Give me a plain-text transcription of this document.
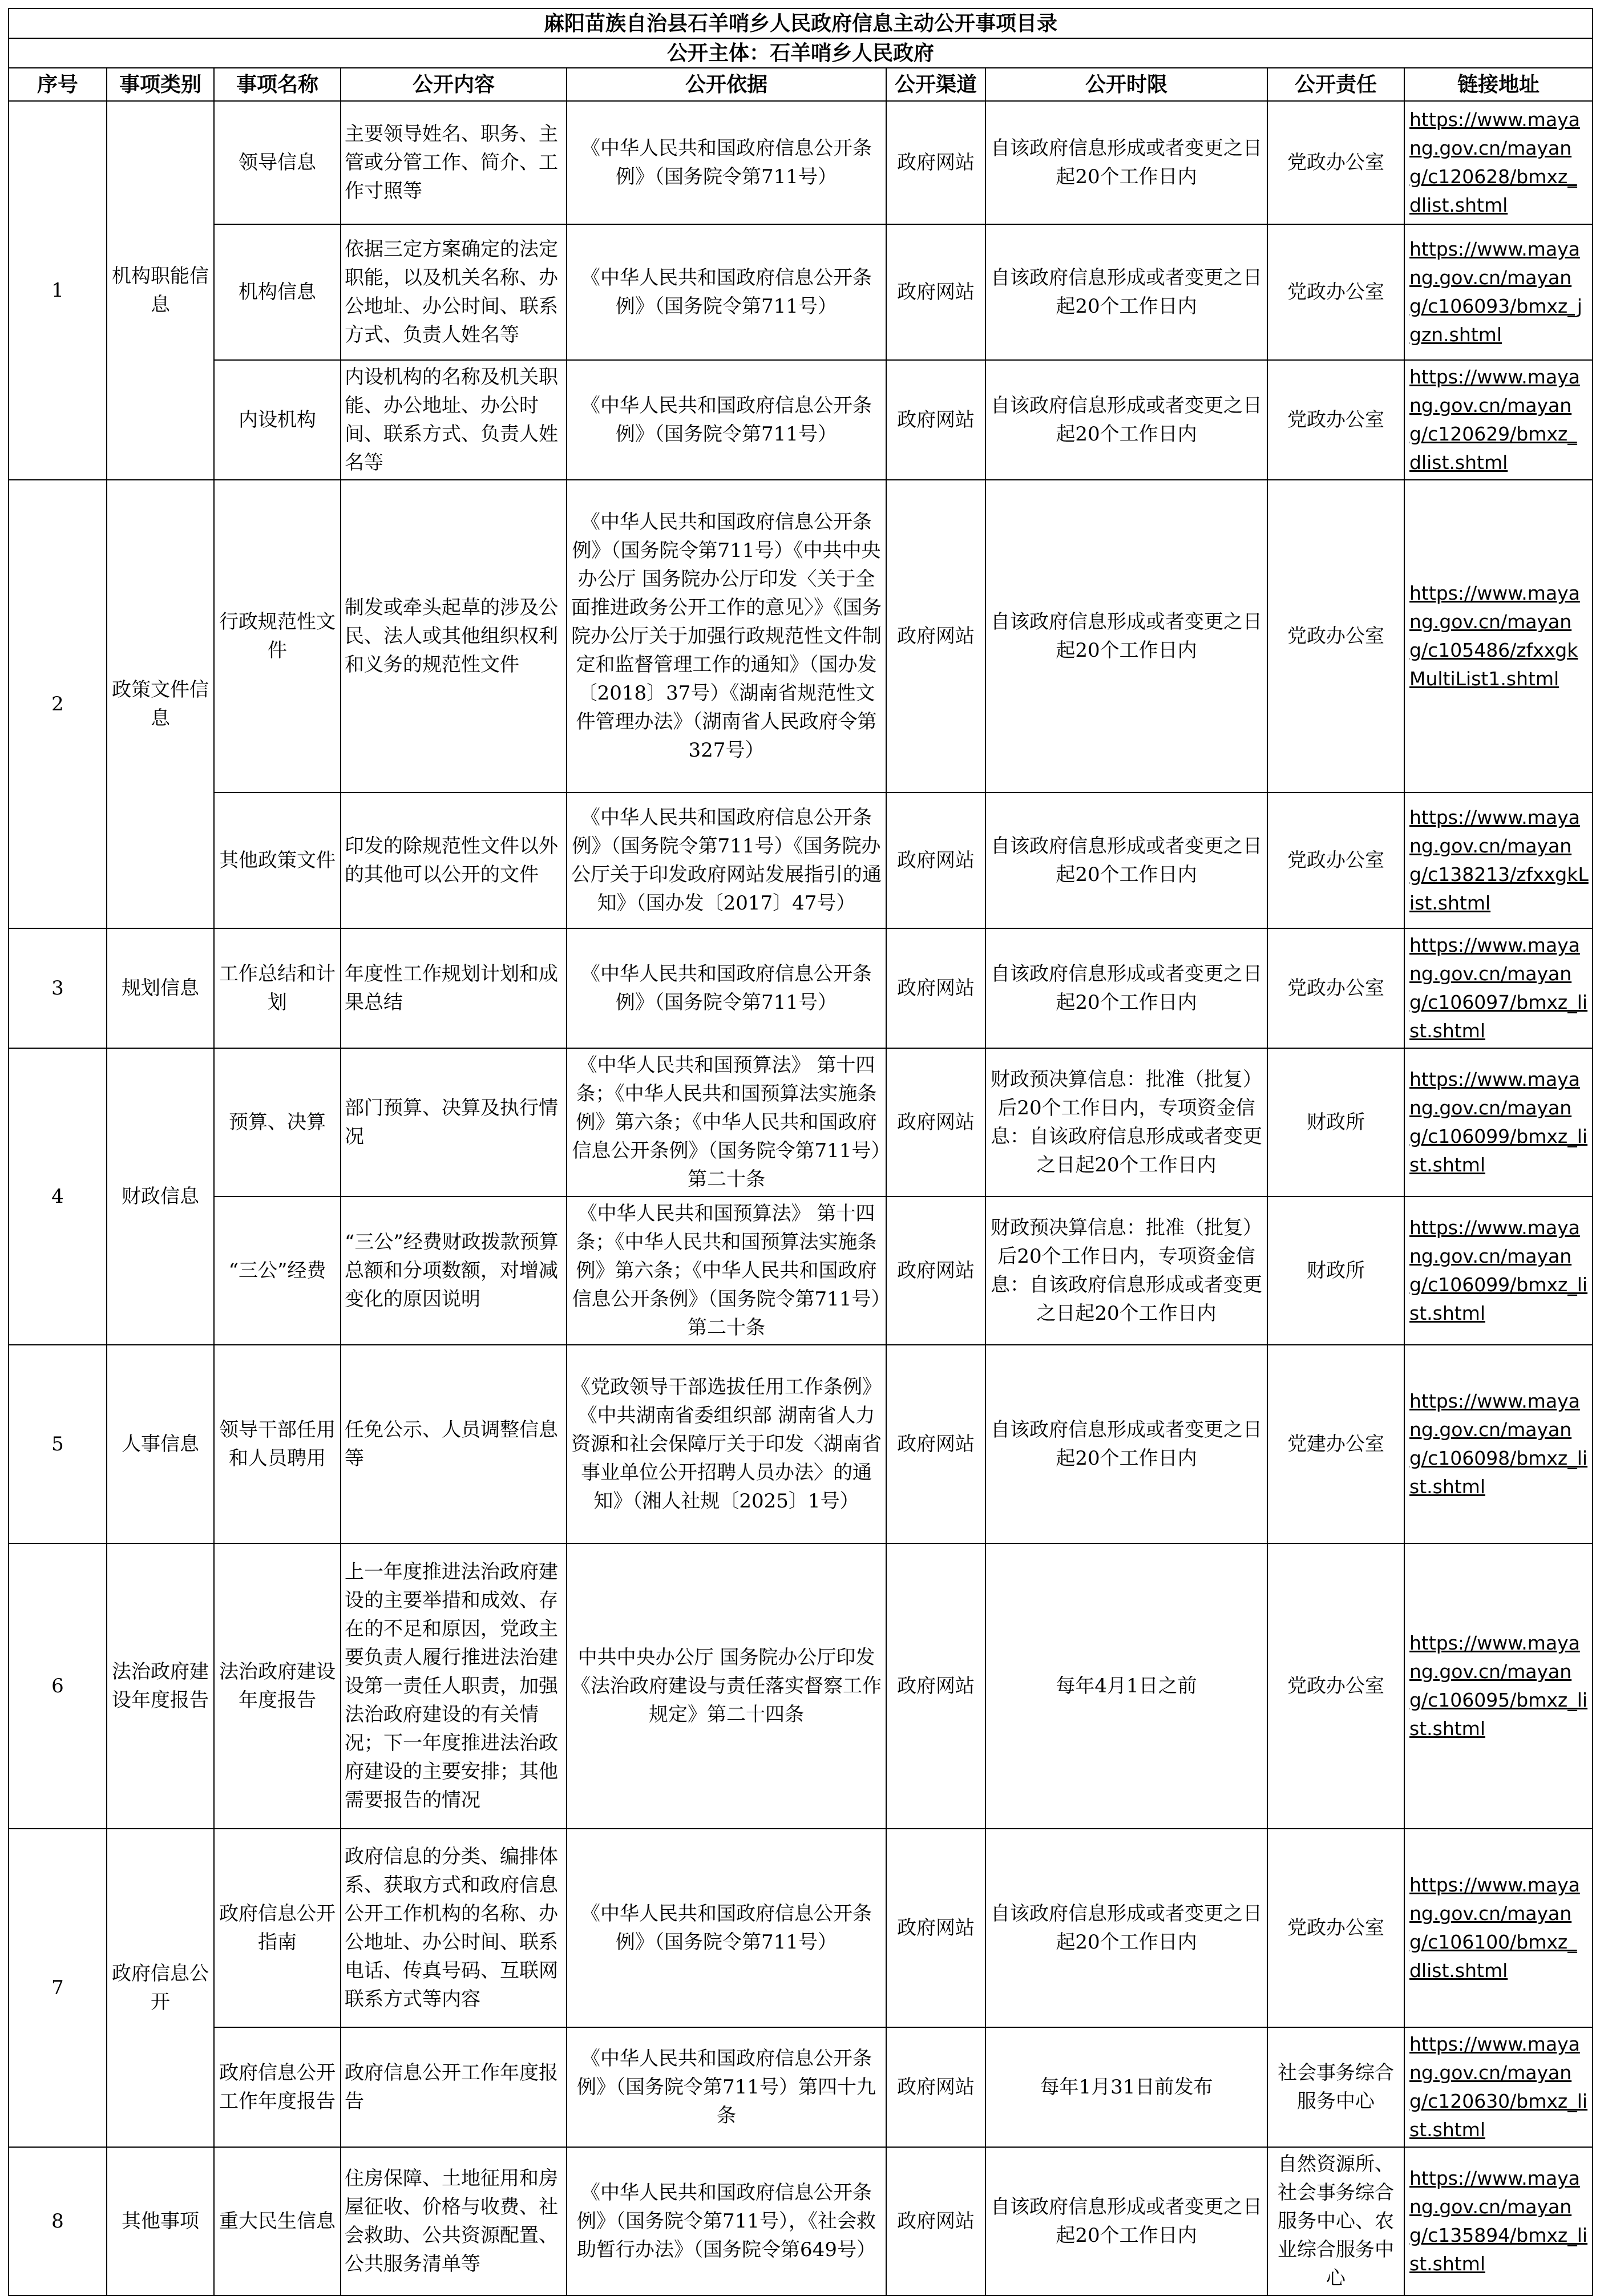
麻阳苗族自治县石羊哨乡人民政府信息主动公开事项目录								
公开主体：石羊哨乡人民政府								
序号	事项类别	事项名称	公开内容	公开依据	公开渠道	公开时限	公开责任	链接地址
1	机构职能信息	领导信息	主要领导姓名、职务、主管或分管工作、简介、工作寸照等	《中华人民共和国政府信息公开条例》（国务院令第711号）	政府网站	自该政府信息形成或者变更之日起20个工作日内	党政办公室	https://www.mayang.gov.cn/mayang/c120628/bmxz_dlist.shtml
		机构信息	依据三定方案确定的法定职能，以及机关名称、办公地址、办公时间、联系方式、负责人姓名等	《中华人民共和国政府信息公开条例》（国务院令第711号）	政府网站	自该政府信息形成或者变更之日起20个工作日内	党政办公室	https://www.mayang.gov.cn/mayang/c106093/bmxz_jgzn.shtml
		内设机构	内设机构的名称及机关职能、办公地址、办公时间、联系方式、负责人姓名等	《中华人民共和国政府信息公开条例》（国务院令第711号）	政府网站	自该政府信息形成或者变更之日起20个工作日内	党政办公室	https://www.mayang.gov.cn/mayang/c120629/bmxz_dlist.shtml
2	政策文件信息	行政规范性文件	制发或牵头起草的涉及公民、法人或其他组织权利和义务的规范性文件	《中华人民共和国政府信息公开条例》（国务院令第711号）《中共中央办公厅 国务院办公厅印发〈关于全面推进政务公开工作的意见〉》《国务院办公厅关于加强行政规范性文件制定和监督管理工作的通知》（国办发〔2018〕37号）《湖南省规范性文件管理办法》（湖南省人民政府令第327号）	政府网站	自该政府信息形成或者变更之日起20个工作日内	党政办公室	https://www.mayang.gov.cn/mayang/c105486/zfxxgkMultiList1.shtml
		其他政策文件	印发的除规范性文件以外的其他可以公开的文件	《中华人民共和国政府信息公开条例》（国务院令第711号）《国务院办公厅关于印发政府网站发展指引的通知》（国办发〔2017〕47号）	政府网站	自该政府信息形成或者变更之日起20个工作日内	党政办公室	https://www.mayang.gov.cn/mayang/c138213/zfxxgkList.shtml
3	规划信息	工作总结和计划	年度性工作规划计划和成果总结	《中华人民共和国政府信息公开条例》（国务院令第711号）	政府网站	自该政府信息形成或者变更之日起20个工作日内	党政办公室	https://www.mayang.gov.cn/mayang/c106097/bmxz_list.shtml
4	财政信息	预算、决算	部门预算、决算及执行情况	《中华人民共和国预算法》 第十四条；《中华人民共和国预算法实施条例》第六条；《中华人民共和国政府信息公开条例》（国务院令第711号）第二十条	政府网站	财政预决算信息：批准（批复）后20个工作日内，专项资金信息：自该政府信息形成或者变更之日起20个工作日内	财政所	https://www.mayang.gov.cn/mayang/c106099/bmxz_list.shtml
		“三公”经费	“三公”经费财政拨款预算总额和分项数额，对增减变化的原因说明	《中华人民共和国预算法》 第十四条；《中华人民共和国预算法实施条例》第六条；《中华人民共和国政府信息公开条例》（国务院令第711号）第二十条	政府网站	财政预决算信息：批准（批复）后20个工作日内，专项资金信息：自该政府信息形成或者变更之日起20个工作日内	财政所	https://www.mayang.gov.cn/mayang/c106099/bmxz_list.shtml
5	人事信息	领导干部任用和人员聘用	任免公示、人员调整信息等	《党政领导干部选拔任用工作条例》《中共湖南省委组织部 湖南省人力资源和社会保障厅关于印发〈湖南省事业单位公开招聘人员办法〉的通知》（湘人社规〔2025〕1号）	政府网站	自该政府信息形成或者变更之日起20个工作日内	党建办公室	https://www.mayang.gov.cn/mayang/c106098/bmxz_list.shtml
6	法治政府建设年度报告	法治政府建设年度报告	上一年度推进法治政府建设的主要举措和成效、存在的不足和原因，党政主要负责人履行推进法治建设第一责任人职责，加强法治政府建设的有关情况；下一年度推进法治政府建设的主要安排；其他需要报告的情况	中共中央办公厅 国务院办公厅印发《法治政府建设与责任落实督察工作规定》第二十四条	政府网站	每年4月1日之前	党政办公室	https://www.mayang.gov.cn/mayang/c106095/bmxz_list.shtml
7	政府信息公开	政府信息公开指南	政府信息的分类、编排体系、获取方式和政府信息公开工作机构的名称、办公地址、办公时间、联系电话、传真号码、互联网联系方式等内容	《中华人民共和国政府信息公开条例》（国务院令第711号）	政府网站	自该政府信息形成或者变更之日起20个工作日内	党政办公室	https://www.mayang.gov.cn/mayang/c106100/bmxz_dlist.shtml
		政府信息公开工作年度报告	政府信息公开工作年度报告	《中华人民共和国政府信息公开条例》（国务院令第711号）第四十九条	政府网站	每年1月31日前发布	社会事务综合服务中心	https://www.mayang.gov.cn/mayang/c120630/bmxz_list.shtml
8	其他事项	重大民生信息	住房保障、土地征用和房屋征收、价格与收费、社会救助、公共资源配置、公共服务清单等	《中华人民共和国政府信息公开条例》（国务院令第711号），《社会救助暂行办法》（国务院令第649号）	政府网站	自该政府信息形成或者变更之日起20个工作日内	自然资源所、社会事务综合服务中心、农业综合服务中心	https://www.mayang.gov.cn/mayang/c135894/bmxz_list.shtml
